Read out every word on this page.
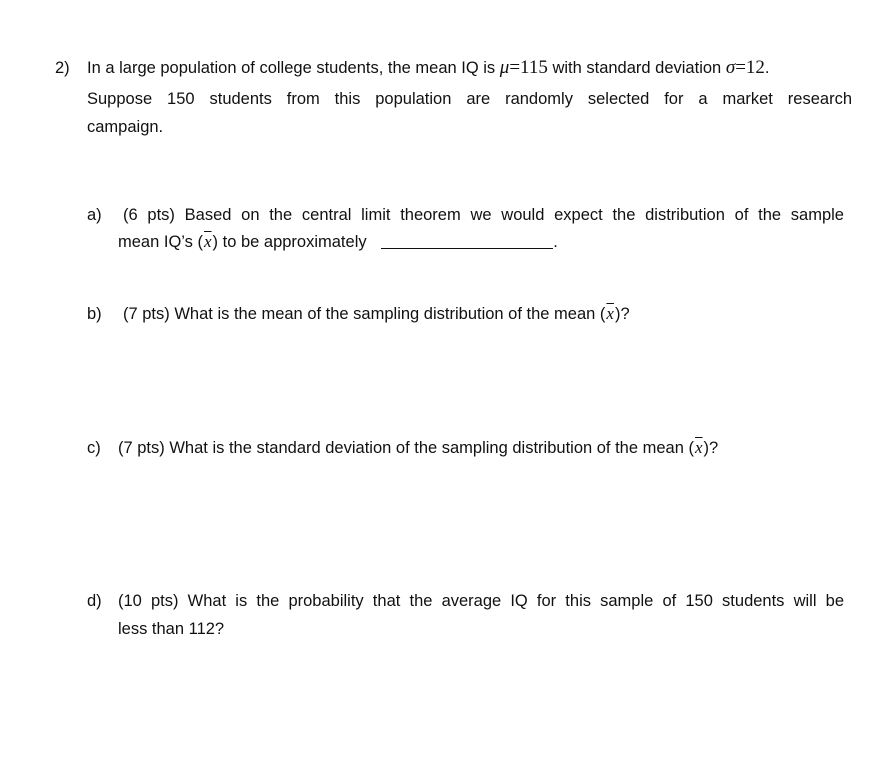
2) In a large population of college students, the mean IQ is μ=115 with standard deviation σ=12.
Suppose 150 students from this population are randomly selected for a market research
campaign.
a) (6 pts) Based on the central limit theorem we would expect the distribution of the sample
mean IQ’s $(\overline{x})$ to be approximately	.
b) (7 pts) What is the mean of the sampling distribution of the mean $(\overline{x})$?
c) (7 pts) What is the standard deviation of the sampling distribution of the mean $(\overline{x})$?
d) (10 pts) What is the probability that the average IQ for this sample of 150 students will be
less than 112?
